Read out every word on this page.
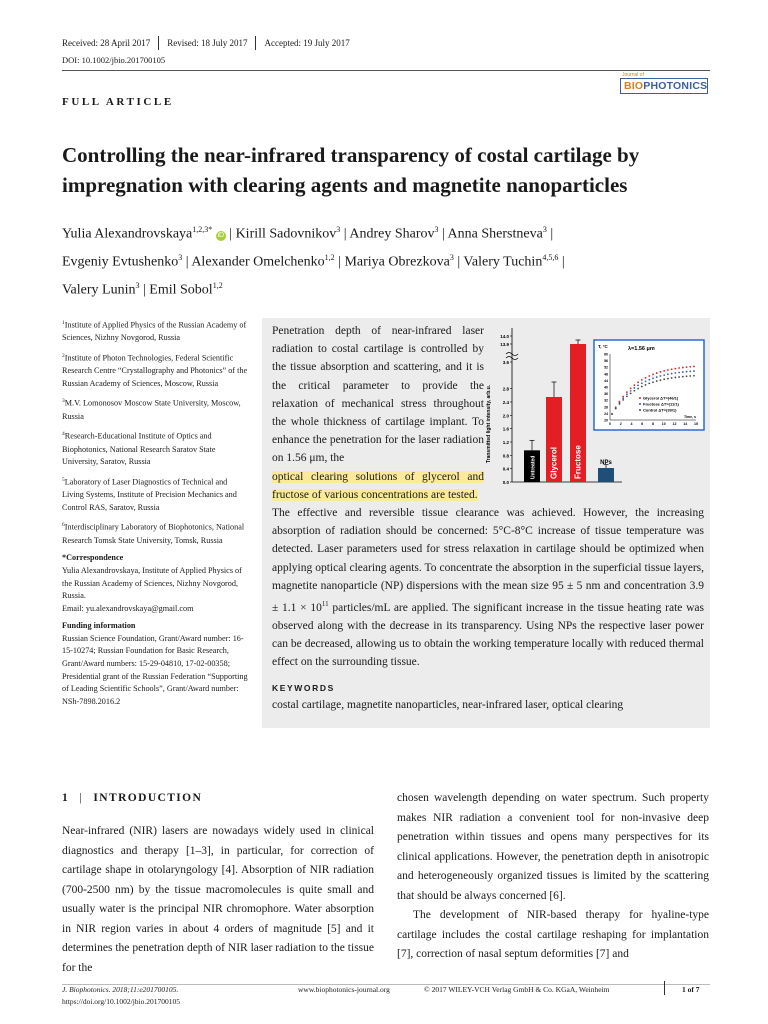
Received: 28 April 2017 Revised: 18 July 2017 Accepted: 19 July 2017
DOI: 10.1002/jbio.201700105
Journal of
BIOPHOTONICS
FULL ARTICLE
Controlling the near-infrared transparency of costal cartilage by
impregnation with clearing agents and magnetite nanoparticles
Yulia Alexandrovskaya$^{1,2,3*}$ iD | Kirill Sadovnikov$^3$ | Andrey Sharov$^3$ | Anna Sherstneva$^3$ |
Evgeniy Evtushenko$^3$ | Alexander Omelchenko$^{1,2}$ | Mariya Obrezkova$^3$ | Valery Tuchin$^{4,5,6}$ |
Valery Lunin$^3$ | Emil Sobol$^{1,2}$

$^1$Institute of Applied Physics of the Russian Academy of Sciences, Nizhny Novgorod, Russia

$^2$Institute of Photon Technologies, Federal Scientific Research Centre “Crystallography and Photonics” of the Russian Academy of Sciences, Moscow, Russia

$^3$M.V. Lomonosov Moscow State University, Moscow, Russia

$^4$Research-Educational Institute of Optics and Biophotonics, National Research Saratov State University, Saratov, Russia

$^5$Laboratory of Laser Diagnostics of Technical and Living Systems, Institute of Precision Mechanics and Control RAS, Saratov, Russia

$^6$Interdisciplinary Laboratory of Biophotonics, National Research Tomsk State University, Tomsk, Russia

*Correspondence
Yulia Alexandrovskaya, Institute of Applied Physics of the Russian Academy of Sciences, Nizhny Novgorod, Russia.
Email: yu.alexandrovskaya@gmail.com

Funding information
Russian Science Foundation, Grant/Award number: 16-15-10274; Russian Foundation for Basic Research, Grant/Award numbers: 15-29-04810, 17-02-00358; Presidential grant of the Russian Federation “Supporting of Leading Scientific Schools”, Grant/Award number: NSh-7898.2016.2

Penetration depth of near-infrared laser radiation to costal cartilage is controlled by the tissue absorption and scattering, and it is the critical parameter to provide the relaxation of mechanical stress throughout the whole thickness of cartilage implant. To enhance the penetration for the laser radiation on 1.56 μm, the
optical clearing solutions of glycerol and fructose of various concentrations are tested.
The effective and reversible tissue clearance was achieved. However, the increasing absorption of radiation should be concerned: 5°C-8°C increase of tissue temperature was detected. Laser parameters used for stress relaxation in cartilage should be optimized when applying optical clearing agents. To concentrate the absorption in the superficial tissue layers, magnetite nanoparticle (NP) dispersions with the mean size 95 ± 5 nm and concentration $3.9 \pm 1.1 \times 10^{11}$ particles/mL are applied. The significant increase in the tissue heating rate was observed along with the decrease in its transparency. Using NPs the respective laser power can be decreased, allowing us to obtain the working temperature locally with reduced thermal effect on the surrounding tissue.
0.0
0.4
0.8
1.2
1.6
2.0
2.4
2.8
3.6
13.9
14.0
Transmitted light intensity, arb.u.
Untreated Glycerol Fructose	NPs
λ=1.56 μm
T, °C
20
24
28
32
36
40
44
48
52
56
60
0	2	4	6	8 10 12 14 15
Time, s
Glycerol ΔT=(46/1)
Fructose ΔT=(11/1)
Control ΔT=(39/1)
KEYWORDS
costal cartilage, magnetite nanoparticles, near-infrared laser, optical clearing
1 | INTRODUCTION

Near-infrared (NIR) lasers are nowadays widely used in clinical diagnostics and therapy [1–3], in particular, for correction of cartilage shape in otolaryngology [4]. Absorption of NIR radiation (700-2500 nm) by the tissue macromolecules is quite small and usually water is the principal NIR chromophore. Water absorption in NIR region varies in about 4 orders of magnitude [5] and it determines the penetration depth of NIR laser radiation to the tissue for the

chosen wavelength depending on water spectrum. Such property makes NIR radiation a convenient tool for non-invasive deep penetration within tissues and opens many perspectives for its clinical applications. However, the penetration depth in anisotropic and heterogeneously organized tissues is limited by the scattering that should be always concerned [6].

The development of NIR-based therapy for hyaline-type cartilage includes the costal cartilage reshaping for implantation [7], correction of nasal septum deformities [7] and

J. Biophotonics. 2018;11:e201700105.
https://doi.org/10.1002/jbio.201700105
www.biophotonics-journal.org	© 2017 WILEY-VCH Verlag GmbH & Co. KGaA, Weinheim	1 of 7
